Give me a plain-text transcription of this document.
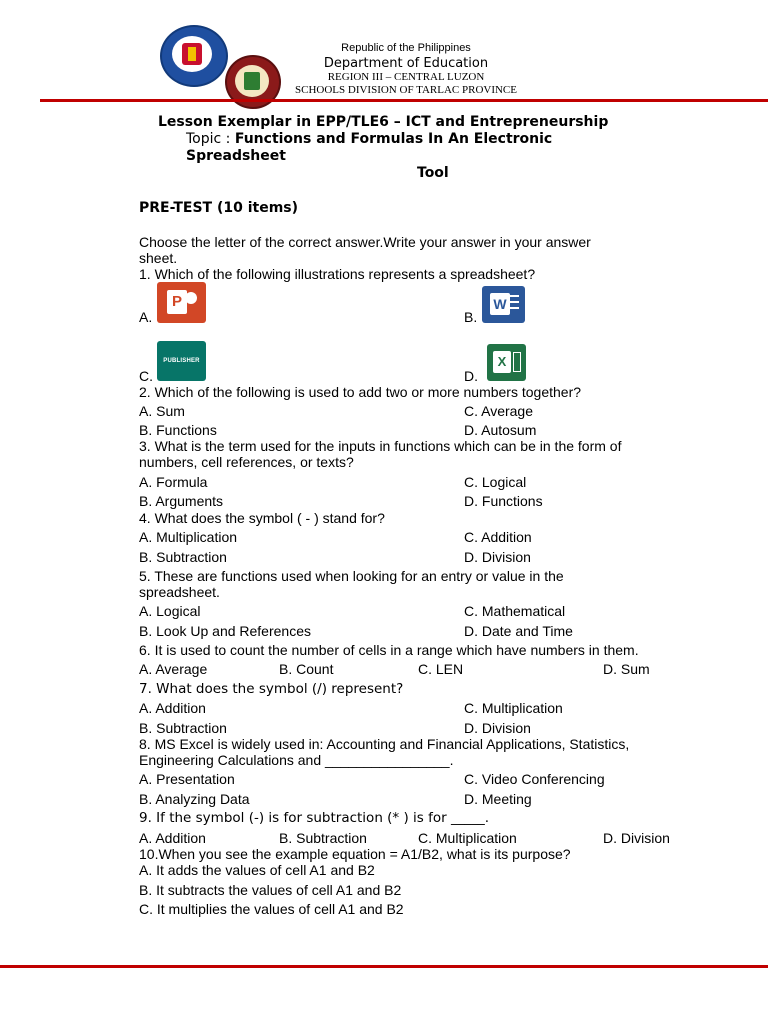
Republic of the Philippines
Department of Education
REGION III – CENTRAL LUZON
SCHOOLS DIVISION OF TARLAC PROVINCE
Lesson Exemplar in EPP/TLE6 – ICT and Entrepreneurship
Topic : Functions and Formulas In An Electronic
Spreadsheet
Tool
PRE-TEST (10 items)
Choose the letter of the correct answer.Write your answer in your answer
sheet.
1. Which of the following illustrations represents a spreadsheet?
A.
P
B.
W
C.
PUBLISHER
D.
X
2. Which of the following is used to add two or more numbers together?
A. Sum	C. Average
B. Functions	D. Autosum
3. What is the term used for the inputs in functions which can be in the form of
numbers, cell references, or texts?
A. Formula	C. Logical
B. Arguments	D. Functions
4. What does the symbol ( - ) stand for?
A. Multiplication	C. Addition
B. Subtraction	D. Division
5. These are functions used when looking for an entry or value in the
spreadsheet.
A. Logical	C. Mathematical
B. Look Up and References	D. Date and Time
6. It is used to count the number of cells in a range which have numbers in them.
A. Average	B. Count	C. LEN	D. Sum
7. What does the symbol (/) represent?
A. Addition	C. Multiplication
B. Subtraction	D. Division
8. MS Excel is widely used in: Accounting and Financial Applications, Statistics,
Engineering Calculations and ________________.
A. Presentation	C. Video Conferencing
B. Analyzing Data	D. Meeting
9. If the symbol (-) is for subtraction (* ) is for _____.
A. Addition	B. Subtraction	C. Multiplication	D. Division
10.When you see the example equation = A1/B2, what is its purpose?
A. It adds the values of cell A1 and B2
B. It subtracts the values of cell A1 and B2
C. It multiplies the values of cell A1 and B2
